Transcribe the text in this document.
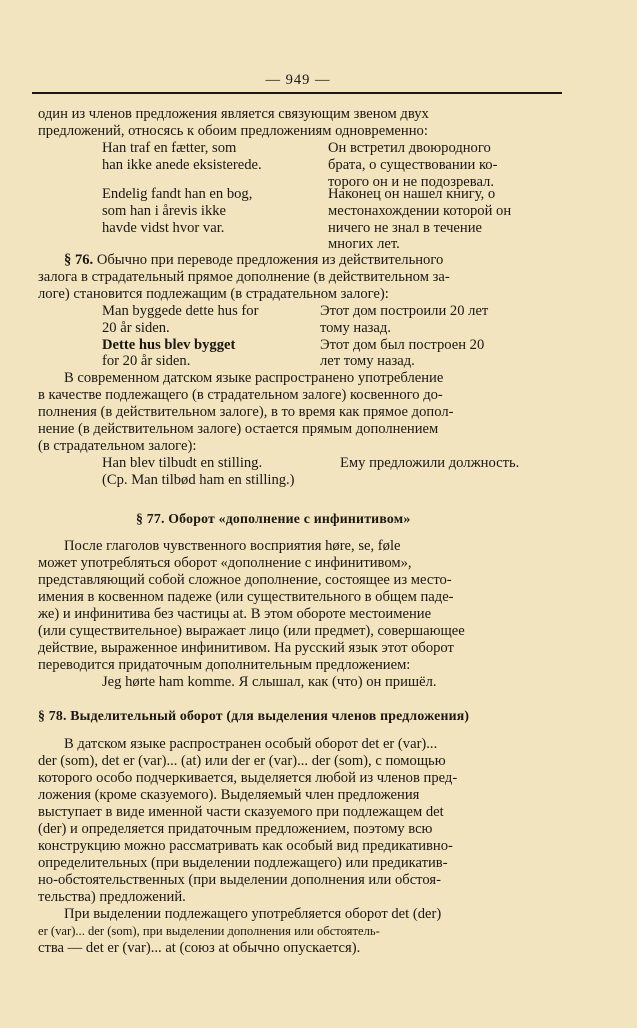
— 949 —
один из членов предложения является связующим звеном двух
предложений, относясь к обоим предложениям одновременно:
Han traf en fætter, som
han ikke anede eksisterede.
Он встретил двоюродного
брата, о существовании ко-
торого он и не подозревал.
Endelig fandt han en bog,
som han i årevis ikke
havde vidst hvor var.
Наконец он нашел книгу, о
местонахождении которой он
ничего не знал в течение
многих лет.
§ 76. Обычно при переводе предложения из действительного
залога в страдательный прямое дополнение (в действительном за-
логе) становится подлежащим (в страдательном залоге):
Man byggede dette hus for
20 år siden.
Этот дом построили 20 лет
тому назад.
Dette hus blev bygget
for 20 år siden.
Этот дом был построен 20
лет тому назад.
В современном датском языке распространено употребление
в качестве подлежащего (в страдательном залоге) косвенного до-
полнения (в действительном залоге), в то время как прямое допол-
нение (в действительном залоге) остается прямым дополнением
(в страдательном залоге):
Han blev tilbudt en stilling.	Ему предложили должность.
(Cp. Man tilbød ham en stilling.)
§ 77. Оборот «дополнение с инфинитивом»
После глаголов чувственного восприятия høre, se, føle
может употребляться оборот «дополнение с инфинитивом»,
представляющий собой сложное дополнение, состоящее из место-
имения в косвенном падеже (или существительного в общем паде-
же) и инфинитива без частицы at. В этом обороте местоимение
(или существительное) выражает лицо (или предмет), совершающее
действие, выраженное инфинитивом. На русский язык этот оборот
переводится придаточным дополнительным предложением:
Jeg hørte ham komme. Я слышал, как (что) он пришёл.
§ 78. Выделительный оборот (для выделения членов предложения)
В датском языке распространен особый оборот det er (var)...
der (som), det er (var)... (at) или der er (var)... der (som), с помощью
которого особо подчеркивается, выделяется любой из членов пред-
ложения (кроме сказуемого). Выделяемый член предложения
выступает в виде именной части сказуемого при подлежащем det
(der) и определяется придаточным предложением, поэтому всю
конструкцию можно рассматривать как особый вид предикативно-
определительных (при выделении подлежащего) или предикатив-
но-обстоятельственных (при выделении дополнения или обстоя-
тельства) предложений.
При выделении подлежащего употребляется оборот det (der)
er (var)... der (som), при выделении дополнения или обстоятель-
ства — det er (var)... at (союз at обычно опускается).
